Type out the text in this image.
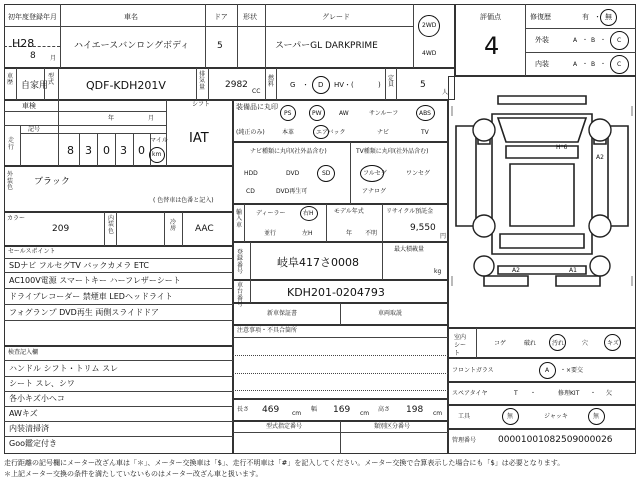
初年度登録年月
H28
8 月
車名
ハイエースバンロングボディ
ドア
5
形状	グレード
スーパーGL DARKPRIME
2WD
4WD
評価点
4
修復歴	有 ・ 無
外装	A ・ B ・ C
内装	A ・ B ・ C
車歴 自家用
型式	QDF-KDH201V
排気量 2982
CC
燃料 G ・ D HV・(	)
定員	5
人
車検
年	月
シフト
IAT
走行
記号
8 3 0 3 0
マイル
km
外装色
ブラック
( 色替車は色番と記入)
カラー
209
内装色
冷房 AAC
セールスポイント
SDナビ フルセグTV バックカメラ ETC
AC100V電源 スマートキー ハーフレザーシート
ドライブレコーダー 禁煙車 LEDヘッドライト
フォグランプ DVD再生 両側スライドドア
検査記入欄
ハンドル シフト・トリム スレ
シート スレ、シワ
各小キズ小ヘコ
AWキズ
内装清掃済
Goo鑑定付き
装備品に丸印
(純正のみ)
PS	PW	AW	サンルーフ	ABS
本革	エアバック	ナビ	TV
ナビ種類に丸印(社外品含む)
HDD	DVD	SD
CD	DVD再生可
TV種類に丸印(社外品含む)
フルセグ	ワンセグ
アナログ
輸入車
ディーラー	右H
並行	左H
モデル年式
年 不明
リサイクル預託金
9,550
円
登録番号
岐阜417さ0008
最大積載量
kg
車台番号
KDH201-0204793
新車保証書	車両取説
注意事項・不具合箇所
長さ 469 cm
幅 169 cm
高さ 198 cm
型式指定番号	類別区分番号
H*6
A2
A2	A1
室内シート
コゲ	破れ	汚れ	穴	キズ
フロントガラス	A ・×要交
スペアタイヤ	T ・	修理KIT ・ 欠
工具	無	ジャッキ	無
管理番号 00001001082509000026
走行距離の記号欄にメーター改ざん車は「＊」、メーター交換車は「$」、走行不明車は「#」を記入してください。メーター交換で合算表示した場合にも「$」は必要となります。
＊上記メーター交換の条件を満たしていないものはメーター改ざん車と扱います。
